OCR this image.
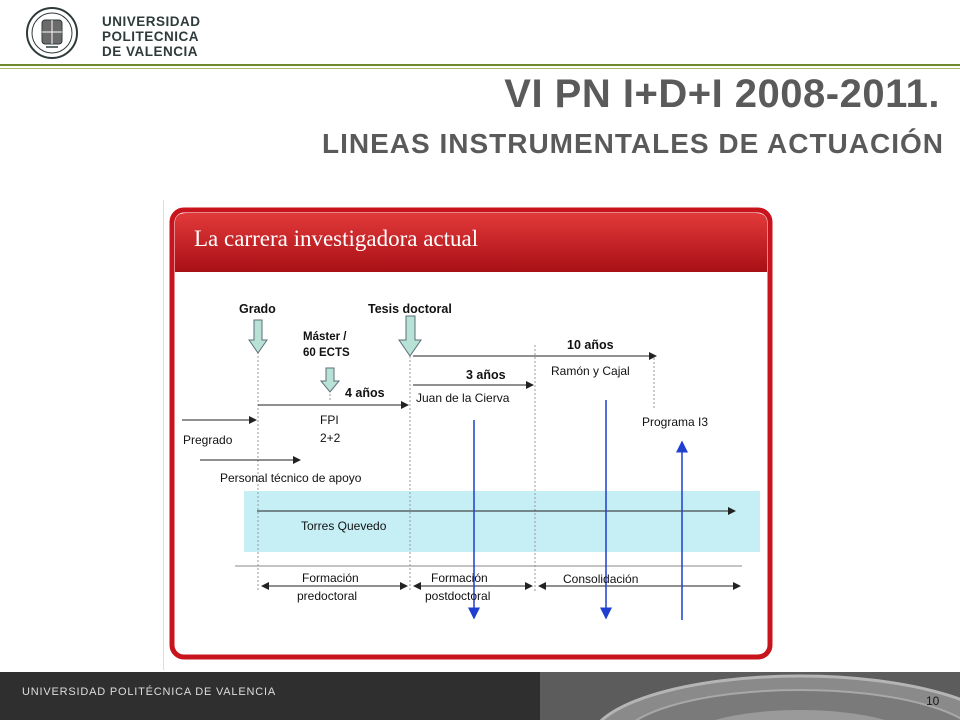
UNIVERSIDAD
POLITECNICA
DE VALENCIA
VI PN I+D+I 2008-2011.
LINEAS INSTRUMENTALES DE ACTUACIÓN
Grado	Tesis doctoral
Máster /
60 ECTS
4 años
3 años
10 años
Ramón y Cajal
Juan de la Cierva
FPI
2+2
Programa I3
Pregrado
Personal técnico de apoyo
Torres Quevedo
Formación
predoctoral
Formación
postdoctoral
Consolidación
La carrera investigadora actual
UNIVERSIDAD POLITÉCNICA DE VALENCIA
10
